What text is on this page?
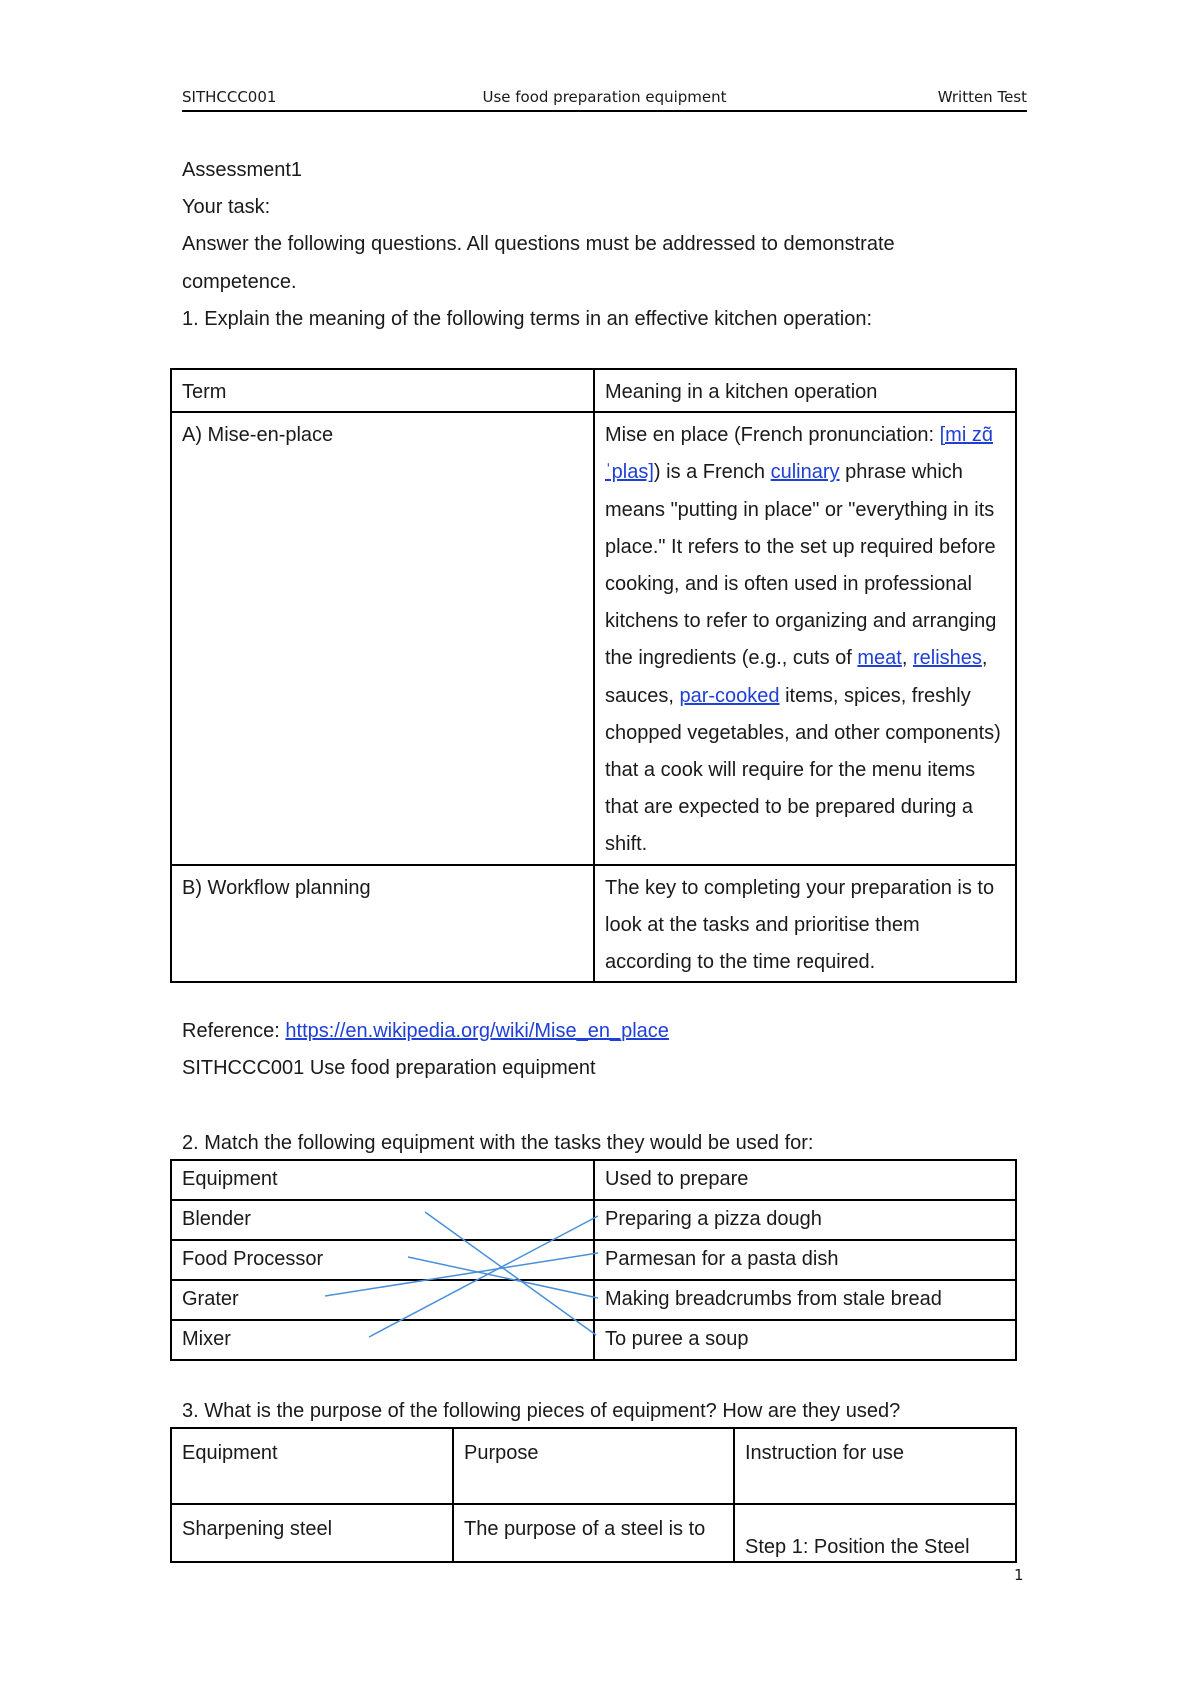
SITHCCC001	Use food preparation equipment	Written Test
Assessment1
Your task:
Answer the following questions. All questions must be addressed to demonstrate
competence.
1. Explain the meaning of the following terms in an effective kitchen operation:
Term	Meaning in a kitchen operation
A) Mise-en-place	Mise en place (French pronunciation: [mi zɑ̃ ˈplas]) is a French culinary phrase which means "putting in place" or "everything in its place." It refers to the set up required before cooking, and is often used in professional kitchens to refer to organizing and arranging the ingredients (e.g., cuts of meat, relishes, sauces, par-cooked items, spices, freshly chopped vegetables, and other components) that a cook will require for the menu items that are expected to be prepared during a shift.
B) Workflow planning	The key to completing your preparation is to look at the tasks and prioritise them according to the time required.
Reference: https://en.wikipedia.org/wiki/Mise_en_place
SITHCCC001 Use food preparation equipment
2. Match the following equipment with the tasks they would be used for:
Equipment	Used to prepare
Blender	Preparing a pizza dough
Food Processor	Parmesan for a pasta dish
Grater	Making breadcrumbs from stale bread
Mixer	To puree a soup
3. What is the purpose of the following pieces of equipment? How are they used?
Equipment	Purpose	Instruction for use
Sharpening steel	The purpose of a steel is to	Step 1: Position the Steel
1
